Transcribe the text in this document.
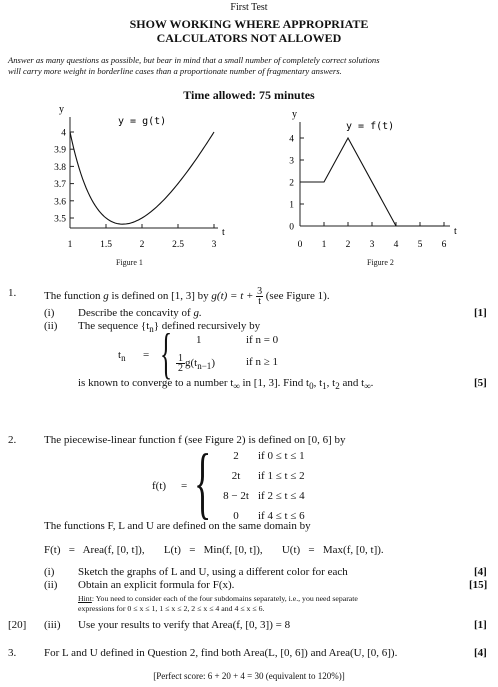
First Test
SHOW WORKING WHERE APPROPRIATE
CALCULATORS NOT ALLOWED
Answer as many questions as possible, but bear in mind that a small number of completely correct solutions
will carry more weight in borderline cases than a proportionate number of fragmentary answers.
Time allowed: 75 minutes
y
y = g(t)
t
4
3.9
3.8
3.7
3.6
3.5
1	1.5	2	2.5	3
Figure 1
y
y = f(t)
t
4
3
2
1
0
0 1 2 3 4 5 6
Figure 2
1.	The function g is defined on [1, 3] by $g(t) = t + \frac{3}{t} (see$ Figure 1).
(i) Describe the concavity of g.	[1]
(ii) The sequence $\{t_n\}$ defined recursively by
$t_n$ = { 1	if n = 0
$\frac{1}{2}g(t_{n-1})$	if n ≥ 1
is known to converge to a number $t_\infty$ in [1, 3]. Find $t_0$, $t_1$, $t_2$ and $t_\infty$.	[5]
2.	The piecewise-linear function f (see Figure 2) is defined on [0, 6] by
f(t) = {	2	if 0 ≤ t ≤ 1
2t	if 1 ≤ t ≤ 2
8 − 2t if 2 ≤ t ≤ 4
0	if 4 ≤ t ≤ 6
The functions F, L and U are defined on the same domain by
F(t)   =   Area(f, [0, t]),       L(t)   =   Min(f, [0, t]),       U(t)   =   Max(f, [0, t]).
(i) Sketch the graphs of L and U, using a different color for each	[4]
(ii) Obtain an explicit formula for F(x).	[15]
Hint: You need to consider each of the four subdomains separately, i.e., you need separate
expressions for 0 ≤ x ≤ 1, 1 ≤ x ≤ 2, 2 ≤ x ≤ 4 and 4 ≤ x ≤ 6.
[20] (iii) Use your results to verify that Area(f, [0, 3]) = 8	[1]
3.	For L and U defined in Question 2, find both Area(L, [0, 6]) and Area(U, [0, 6]).	[4]
[Perfect score: 6 + 20 + 4 = 30 (equivalent to 120%)]
